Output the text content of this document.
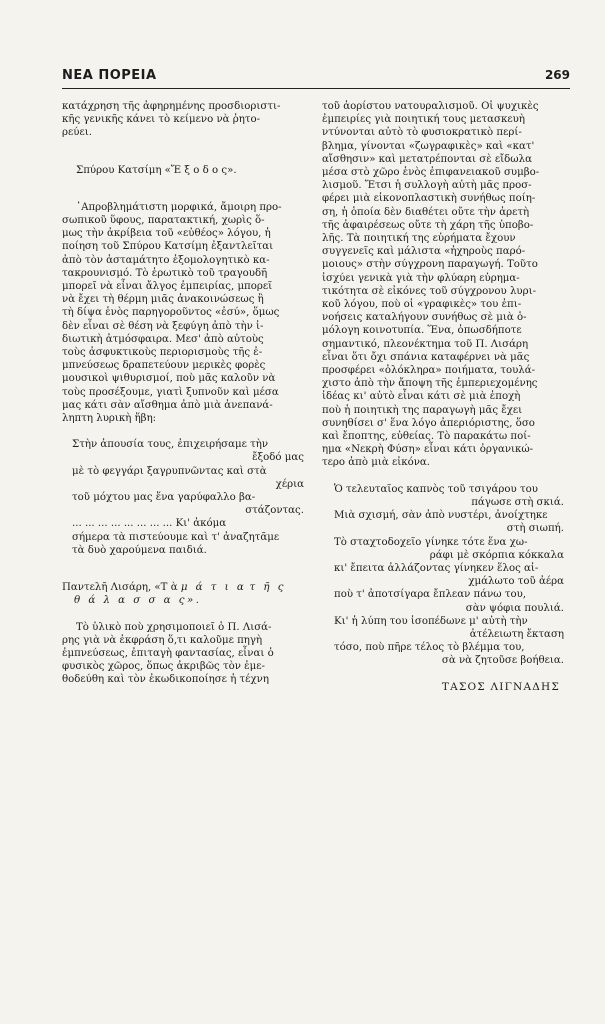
ΝΕΑ ΠΟΡΕΙΑ	269
κατάχρηση τῆς ἀφηρημένης προσδιοριστι-
κῆς γενικῆς κάνει τὸ κείμενο νὰ ῥητο-
ρεύει.
Σπύρου Κατσίμη «Ἔ ξ ο δ ο ς».
᾿Απροβλημάτιστη μορφικά, ἄμοιρη προ-
σωπικοῦ ὕφους, παρατακτική, χωρὶς ὅ-
μως τὴν ἀκρίβεια τοῦ «εὐθέος» λόγου, ἡ
ποίηση τοῦ Σπύρου Κατσίμη ἐξαντλεῖται
ἀπὸ τὸν ἀσταμάτητο ἐξομολογητικὸ κα-
τακρουνισμό. Τὸ ἐρωτικὸ τοῦ τραγουδῆ
μπορεῖ νὰ εἶναι ἄλγος ἐμπειρίας, μπορεῖ
νὰ ἔχει τὴ θέρμη μιᾶς ἀνακοινώσεως ἢ
τὴ δίψα ἑνὸς παρηγοροῦντος «ἐσύ», ὅμως
δὲν εἶναι σὲ θέση νὰ ξεφύγη ἀπὸ τὴν ἰ-
διωτικὴ ἀτμόσφαιρα. Μεσ' ἀπὸ αὐτοὺς
τοὺς ἀσφυκτικοὺς περιορισμοὺς τῆς ἐ-
μπνεύσεως δραπετεύουν μερικὲς φορὲς
μουσικοὶ ψιθυρισμοί, ποὺ μᾶς καλοῦν νὰ
τοὺς προσέξουμε, γιατὶ ξυπνοῦν καὶ μέσα
μας κάτι σὰν αἴσθημα ἀπὸ μιὰ ἀνεπανά-
ληπτη λυρικὴ ἥβη:
Στὴν ἀπουσία τους, ἐπιχειρήσαμε τὴν
ἔξοδό μας
μὲ τὸ φεγγάρι ξαγρυπνῶντας καὶ στὰ
χέρια
τοῦ μόχτου μας ἕνα γαρύφαλλο βα-
στάζοντας.
... ... ... ... ... ... ... ... Κι' ἀκόμα
σήμερα τὰ πιστεύουμε καὶ τ' ἀναζητᾶμε
τὰ δυὸ χαρούμενα παιδιά.
Παντελῆ Λισάρη, «Τ ὰ μ ά τ ι α τ ῆ ς
θ ά λ α σ σ α ς».
Τὸ ὑλικὸ ποὺ χρησιμοποιεῖ ὁ Π. Λισά-
ρης γιὰ νὰ ἐκφράση ὅ,τι καλοῦμε πηγὴ
ἐμπνεύσεως, ἐπιταγὴ φαντασίας, εἶναι ὁ
φυσικὸς χῶρος, ὅπως ἀκριβῶς τὸν ἐμε-
θοδεύθη καὶ τὸν ἐκωδικοποίησε ἡ τέχνη
τοῦ ἀορίστου νατουραλισμοῦ. Οἱ ψυχικὲς
ἐμπειρίες γιὰ ποιητική τους μετασκευὴ
ντύνονται αὐτὸ τὸ φυσιοκρατικὸ περί-
βλημα, γίνονται «ζωγραφικὲς» καὶ «κατ'
αἴσθησιν» καὶ μετατρέπονται σὲ εἴδωλα
μέσα στὸ χῶρο ἑνὸς ἐπιφανειακοῦ συμβο-
λισμοῦ. Ἔτσι ἡ συλλογὴ αὐτὴ μᾶς προσ-
φέρει μιὰ εἰκονοπλαστικὴ συνήθως ποίη-
ση, ἡ ὁποία δὲν διαθέτει οὔτε τὴν ἀρετὴ
τῆς ἀφαιρέσεως οὔτε τὴ χάρη τῆς ὑποβο-
λῆς. Τὰ ποιητική της εὑρήματα ἔχουν
συγγενεῖς καὶ μάλιστα «ἠχηροὺς παρό-
μοιους» στὴν σύγχρονη παραγωγή. Τοῦτο
ἰσχύει γενικὰ γιὰ τὴν φλύαρη εὐρημα-
τικότητα σὲ εἰκόνες τοῦ σύγχρονου λυρι-
κοῦ λόγου, ποὺ οἱ «γραφικὲς» του ἐπι-
νοήσεις καταλήγουν συνήθως σὲ μιὰ ὁ-
μόλογη κοινοτυπία. Ἕνα, ὁπωσδήποτε
σημαντικό, πλεονέκτημα τοῦ Π. Λισάρη
εἶναι ὅτι ὄχι σπάνια καταφέρνει νὰ μᾶς
προσφέρει «ὁλόκληρα» ποιήματα, τουλά-
χιστο ἀπὸ τὴν ἄποψη τῆς ἐμπεριεχομένης
ἰδέας κι' αὐτὸ εἶναι κάτι σὲ μιὰ ἐποχὴ
ποὺ ἡ ποιητικὴ της παραγωγὴ μᾶς ἔχει
συνηθίσει σ' ἕνα λόγο ἀπεριόριστης, ὅσο
καὶ ἔποπτης, εὐθείας. Τὸ παρακάτω ποί-
ημα «Νεκρὴ Φύση» εἶναι κάτι ὀργανικώ-
τερο ἀπὸ μιὰ εἰκόνα.
Ὁ τελευταῖος καπνὸς τοῦ τσιγάρου του
πάγωσε στὴ σκιά.
Μιὰ σχισμή, σὰν ἀπὸ νυστέρι, ἀνοίχτηκε
στὴ σιωπή.
Τὸ σταχτοδοχεῖο γίνηκε τότε ἕνα χω-
ράφι μὲ σκόρπια κόκκαλα
κι' ἔπειτα ἀλλάζοντας γίνηκεν ἕλος αἰ-
χμάλωτο τοῦ ἀέρα
ποὺ τ' ἀποτσίγαρα ἔπλεαν πάνω του,
σὰν ψόφια πουλιά.
Κι' ἡ λύπη του ἰσοπέδωνε μ' αὐτὴ τὴν
ἀτέλειωτη ἔκταση
τόσο, ποὺ πῆρε τέλος τὸ βλέμμα του,
σὰ νὰ ζητοῦσε βοήθεια.
ΤΑΣΟΣ ΛΙΓΝΑΔΗΣ
